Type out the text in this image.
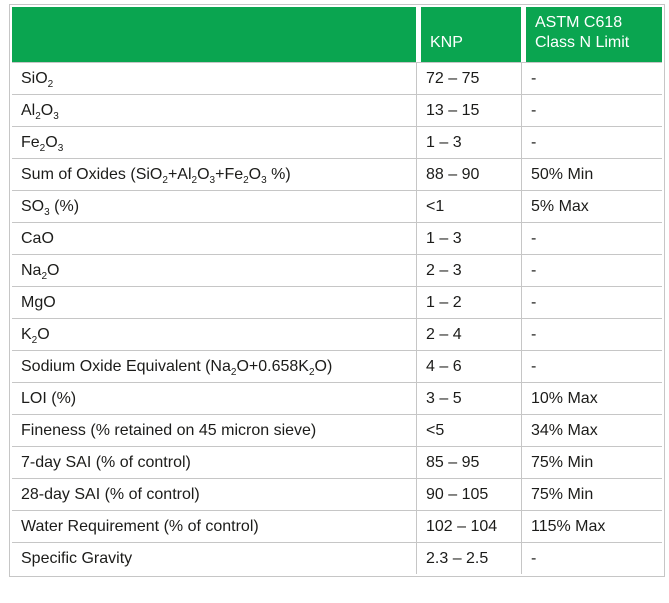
	KNP	ASTM C618 Class N Limit
SiO$_2$	72 – 75	-
$Al_2O_3$	13 – 15	-
$Fe_2O_3$	1 – 3	-
Sum of Oxides ($SiO_2+Al_2O_3+Fe_2O_3$ %)	88 – 90	50% Min
$SO_3$ (%)	<1	5% Max
CaO	1 – 3	-
$Na_2O$	2 – 3	-
MgO	1 – 2	-
$K_2O$	2 – 4	-
Sodium Oxide Equivalent $(Na_2O+0.658K_2O)$	4 – 6	-
LOI (%)	3 – 5	10% Max
Fineness (% retained on 45 micron sieve)	<5	34% Max
7-day SAI (% of control)	85 – 95	75% Min
28-day SAI (% of control)	90 – 105	75% Min
Water Requirement (% of control)	102 – 104	115% Max
Specific Gravity	2.3 – 2.5	-
